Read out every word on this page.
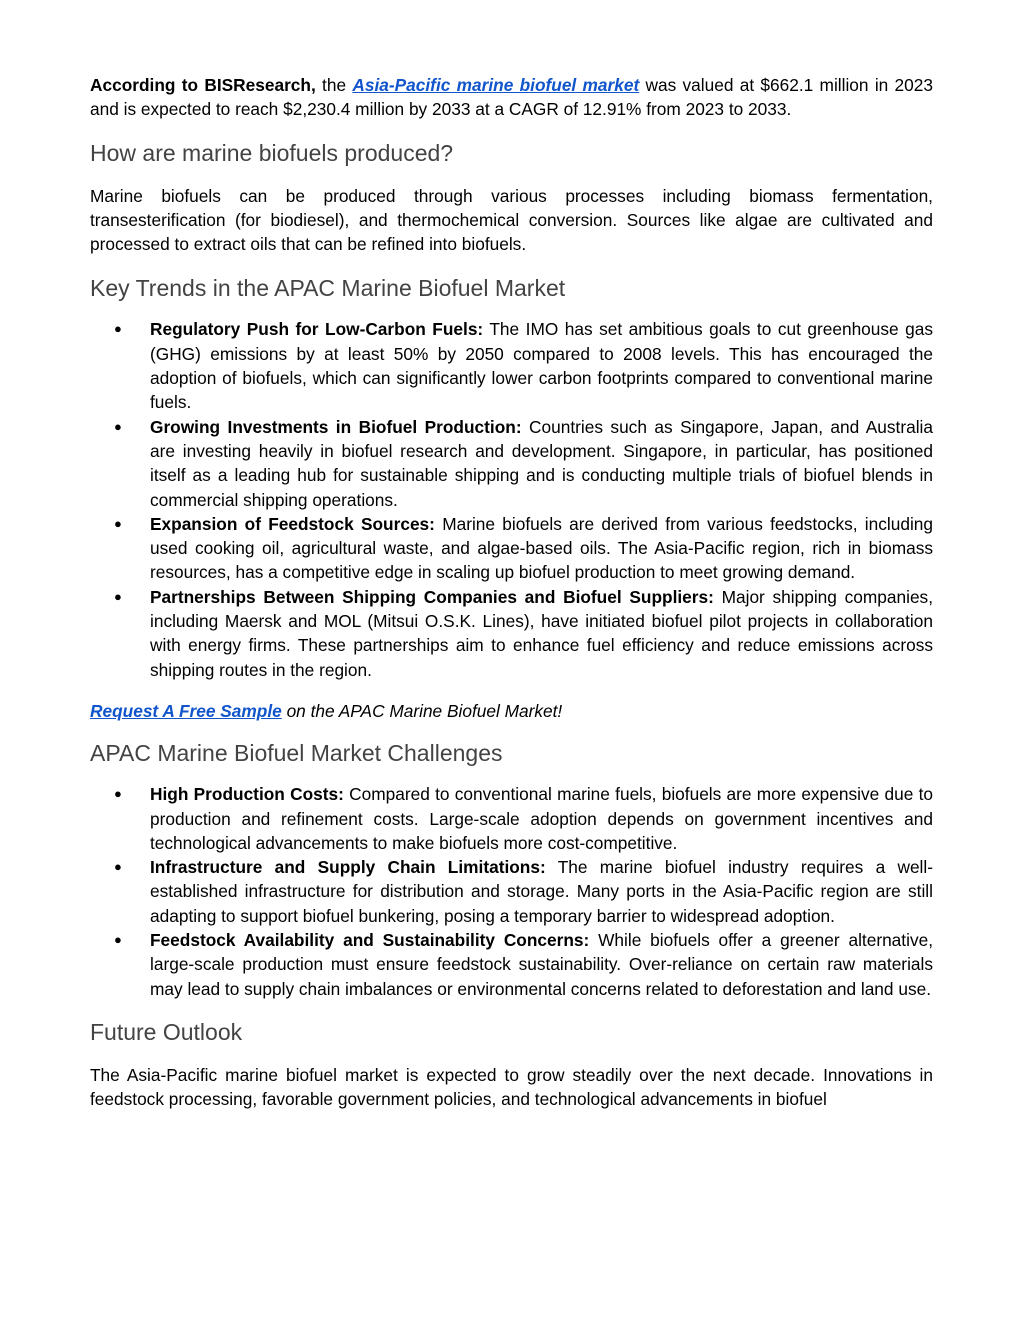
According to BISResearch, the Asia-Pacific marine biofuel market was valued at $662.1 million in 2023 and is expected to reach $2,230.4 million by 2033 at a CAGR of 12.91% from 2023 to 2033.

How are marine biofuels produced?

Marine biofuels can be produced through various processes including biomass fermentation, transesterification (for biodiesel), and thermochemical conversion. Sources like algae are cultivated and processed to extract oils that can be refined into biofuels.

Key Trends in the APAC Marine Biofuel Market
● Regulatory Push for Low-Carbon Fuels: The IMO has set ambitious goals to cut greenhouse gas (GHG) emissions by at least 50% by 2050 compared to 2008 levels. This has encouraged the adoption of biofuels, which can significantly lower carbon footprints compared to conventional marine fuels.
● Growing Investments in Biofuel Production: Countries such as Singapore, Japan, and Australia are investing heavily in biofuel research and development. Singapore, in particular, has positioned itself as a leading hub for sustainable shipping and is conducting multiple trials of biofuel blends in commercial shipping operations.
● Expansion of Feedstock Sources: Marine biofuels are derived from various feedstocks, including used cooking oil, agricultural waste, and algae-based oils. The Asia-Pacific region, rich in biomass resources, has a competitive edge in scaling up biofuel production to meet growing demand.
● Partnerships Between Shipping Companies and Biofuel Suppliers: Major shipping companies, including Maersk and MOL (Mitsui O.S.K. Lines), have initiated biofuel pilot projects in collaboration with energy firms. These partnerships aim to enhance fuel efficiency and reduce emissions across shipping routes in the region.

Request A Free Sample on the APAC Marine Biofuel Market!

APAC Marine Biofuel Market Challenges
● High Production Costs: Compared to conventional marine fuels, biofuels are more expensive due to production and refinement costs. Large-scale adoption depends on government incentives and technological advancements to make biofuels more cost-competitive.
● Infrastructure and Supply Chain Limitations: The marine biofuel industry requires a well-established infrastructure for distribution and storage. Many ports in the Asia-Pacific region are still adapting to support biofuel bunkering, posing a temporary barrier to widespread adoption.
● Feedstock Availability and Sustainability Concerns: While biofuels offer a greener alternative, large-scale production must ensure feedstock sustainability. Over-reliance on certain raw materials may lead to supply chain imbalances or environmental concerns related to deforestation and land use.
Future Outlook

The Asia-Pacific marine biofuel market is expected to grow steadily over the next decade. Innovations in feedstock processing, favorable government policies, and technological advancements in biofuel
